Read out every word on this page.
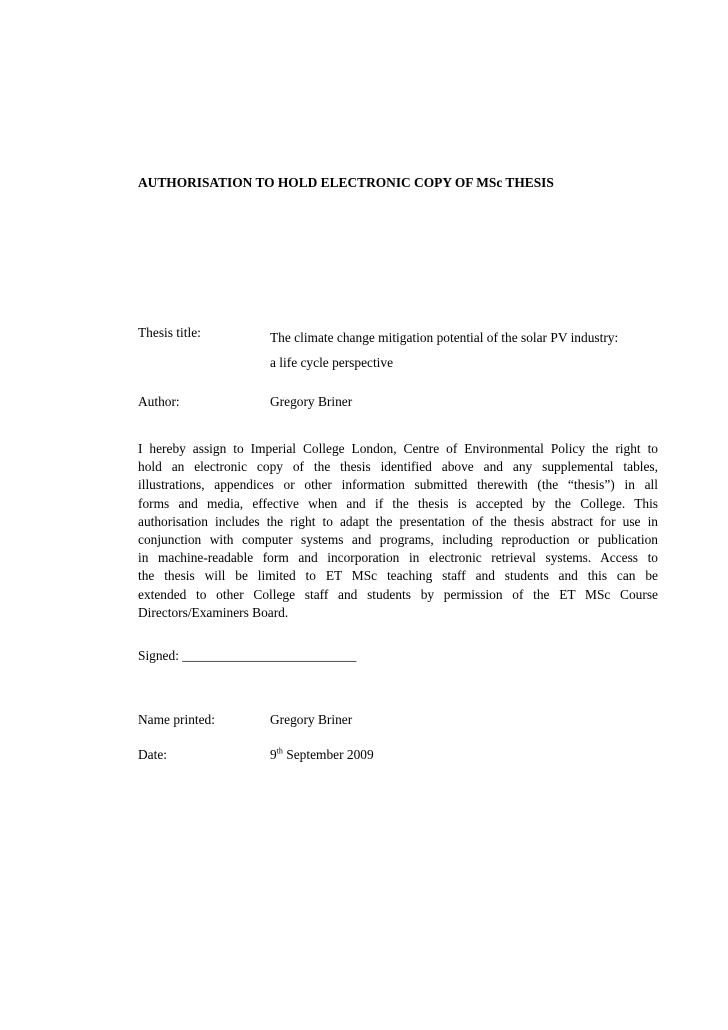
AUTHORISATION TO HOLD ELECTRONIC COPY OF MSc THESIS
Thesis title:	The climate change mitigation potential of the solar PV industry:
a life cycle perspective
Author:	Gregory Briner
I hereby assign to Imperial College London, Centre of Environmental Policy the right to
hold an electronic copy of the thesis identified above and any supplemental tables,
illustrations, appendices or other information submitted therewith (the “thesis”) in all
forms and media, effective when and if the thesis is accepted by the College. This
authorisation includes the right to adapt the presentation of the thesis abstract for use in
conjunction with computer systems and programs, including reproduction or publication
in machine-readable form and incorporation in electronic retrieval systems. Access to
the thesis will be limited to ET MSc teaching staff and students and this can be
extended to other College staff and students by permission of the ET MSc Course
Directors/Examiners Board.
Signed: __________________________
Name printed:	Gregory Briner
Date:	9th September 2009
